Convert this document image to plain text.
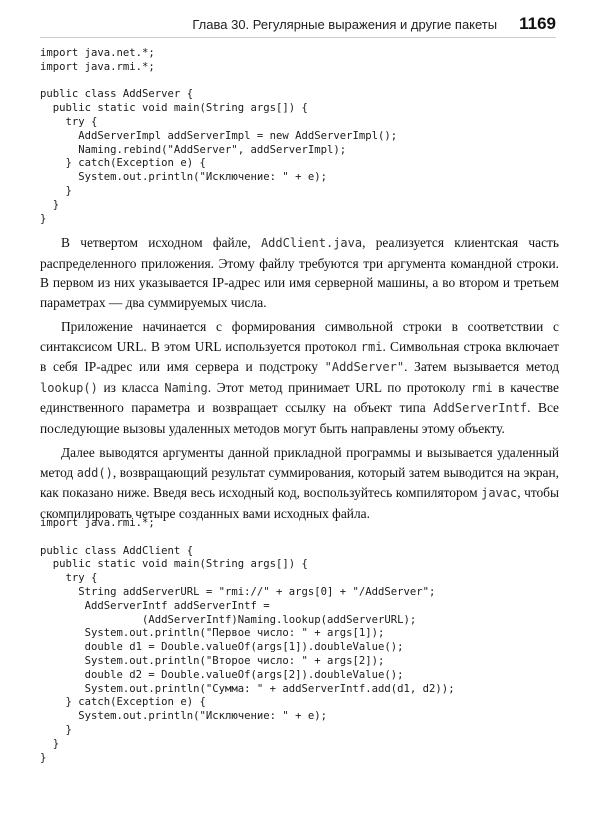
Глава 30. Регулярные выражения и другие пакеты 1169
import java.net.*;
import java.rmi.*;

public class AddServer {
public static void main(String args[]) {
try {
AddServerImpl addServerImpl = new AddServerImpl();
Naming.rebind("AddServer", addServerImpl);
} catch(Exception e) {
System.out.println("Исключение: " + e);
}
}
}

В четвертом исходном файле, AddClient.java, реализуется клиентская часть распределенного приложения. Этому файлу требуются три аргумента командной строки. В первом из них указывается IP-адрес или имя серверной машины, а во втором и третьем параметрах — два суммируемых числа.

Приложение начинается с формирования символьной строки в соответствии с синтаксисом URL. В этом URL используется протокол rmi. Символьная строка включает в себя IP-адрес или имя сервера и подстроку "AddServer". Затем вызывается метод lookup() из класса Naming. Этот метод принимает URL по протоколу rmi в качестве единственного параметра и возвращает ссылку на объект типа AddServerIntf. Все последующие вызовы удаленных методов могут быть направлены этому объекту.

Далее выводятся аргументы данной прикладной программы и вызывается удаленный метод add(), возвращающий результат суммирования, который затем выводится на экран, как показано ниже. Введя весь исходный код, воспользуйтесь компилятором javac, чтобы скомпилировать четыре созданных вами исходных файла.

import java.rmi.*;

public class AddClient {
public static void main(String args[]) {
try {
String addServerURL = "rmi://" + args[0] + "/AddServer";
AddServerIntf addServerIntf =
(AddServerIntf)Naming.lookup(addServerURL);
System.out.println("Первое число: " + args[1]);
double d1 = Double.valueOf(args[1]).doubleValue();
System.out.println("Второе число: " + args[2]);
double d2 = Double.valueOf(args[2]).doubleValue();
System.out.println("Сумма: " + addServerIntf.add(d1, d2));
} catch(Exception e) {
System.out.println("Исключение: " + e);
}
}
}
